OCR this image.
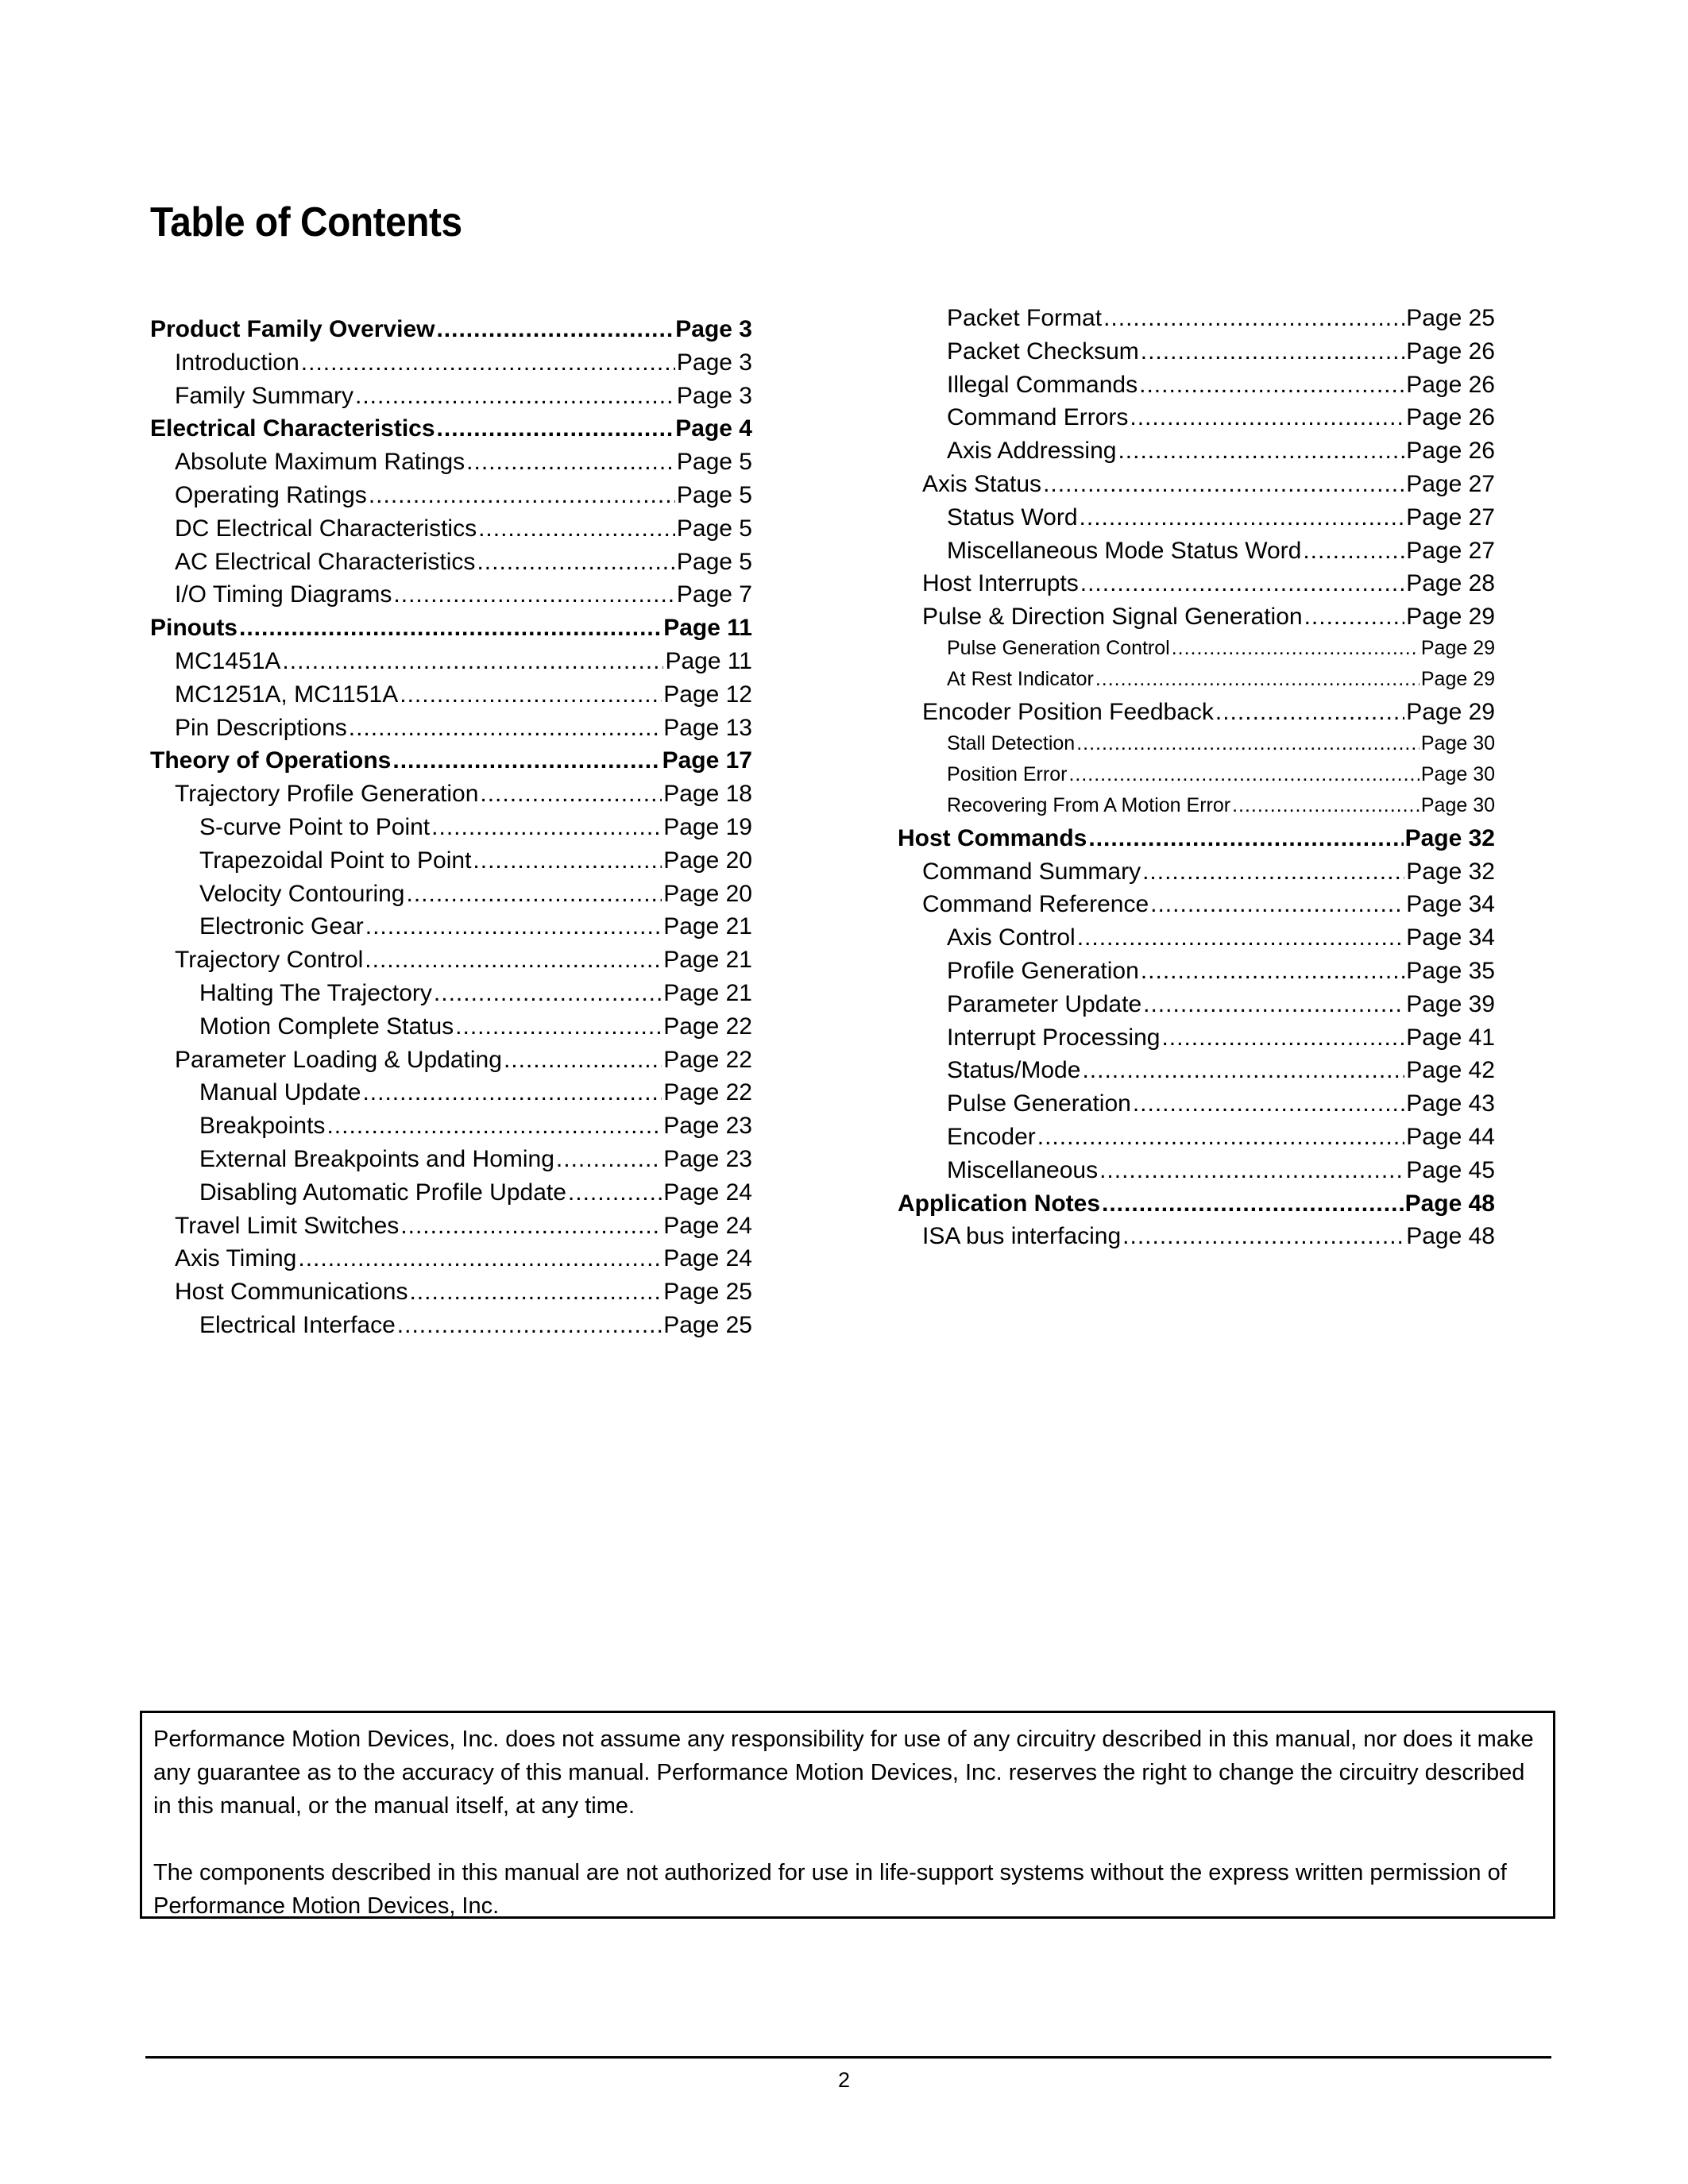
Table of Contents
Product Family Overview .....	Page 3
Introduction .....	Page 3
Family Summary .....	Page 3
Electrical Characteristics .....	Page 4
Absolute Maximum Ratings .....	Page 5
Operating Ratings .....	Page 5
DC Electrical Characteristics .....	Page 5
AC Electrical Characteristics .....	Page 5
I/O Timing Diagrams .....	Page 7
Pinouts .....	Page 11
MC1451A .....	Page 11
MC1251A, MC1151A .....	Page 12
Pin Descriptions .....	Page 13
Theory of Operations .....	Page 17
Trajectory Profile Generation .....	Page 18
S-curve Point to Point .....	Page 19
Trapezoidal Point to Point .....	Page 20
Velocity Contouring .....	Page 20
Electronic Gear .....	Page 21
Trajectory Control .....	Page 21
Halting The Trajectory .....	Page 21
Motion Complete Status .....	Page 22
Parameter Loading & Updating .....	Page 22
Manual Update .....	Page 22
Breakpoints .....	Page 23
External Breakpoints and Homing .....	Page 23
Disabling Automatic Profile Update .....	Page 24
Travel Limit Switches .....	Page 24
Axis Timing .....	Page 24
Host Communications .....	Page 25
Electrical Interface .....	Page 25
Packet Format .....	Page 25
Packet Checksum .....	Page 26
Illegal Commands .....	Page 26
Command Errors .....	Page 26
Axis Addressing .....	Page 26
Axis Status .....	Page 27
Status Word .....	Page 27
Miscellaneous Mode Status Word .....	Page 27
Host Interrupts .....	Page 28
Pulse & Direction Signal Generation .....	Page 29
Pulse Generation Control .....	Page 29
At Rest Indicator .....	Page 29
Encoder Position Feedback .....	Page 29
Stall Detection .....	Page 30
Position Error .....	Page 30
Recovering From A Motion Error .....	Page 30
Host Commands .....	Page 32
Command Summary .....	Page 32
Command Reference .....	Page 34
Axis Control .....	Page 34
Profile Generation .....	Page 35
Parameter Update .....	Page 39
Interrupt Processing .....	Page 41
Status/Mode .....	Page 42
Pulse Generation .....	Page 43
Encoder .....	Page 44
Miscellaneous .....	Page 45
Application Notes .....	Page 48
ISA bus interfacing .....	Page 48

Performance Motion Devices, Inc. does not assume any responsibility for use of any circuitry described in this manual, nor does it make any guarantee as to the accuracy of this manual. Performance Motion Devices, Inc. reserves the right to change the circuitry described in this manual, or the manual itself, at any time.

The components described in this manual are not authorized for use in life-support systems without the express written permission of Performance Motion Devices, Inc.

2
